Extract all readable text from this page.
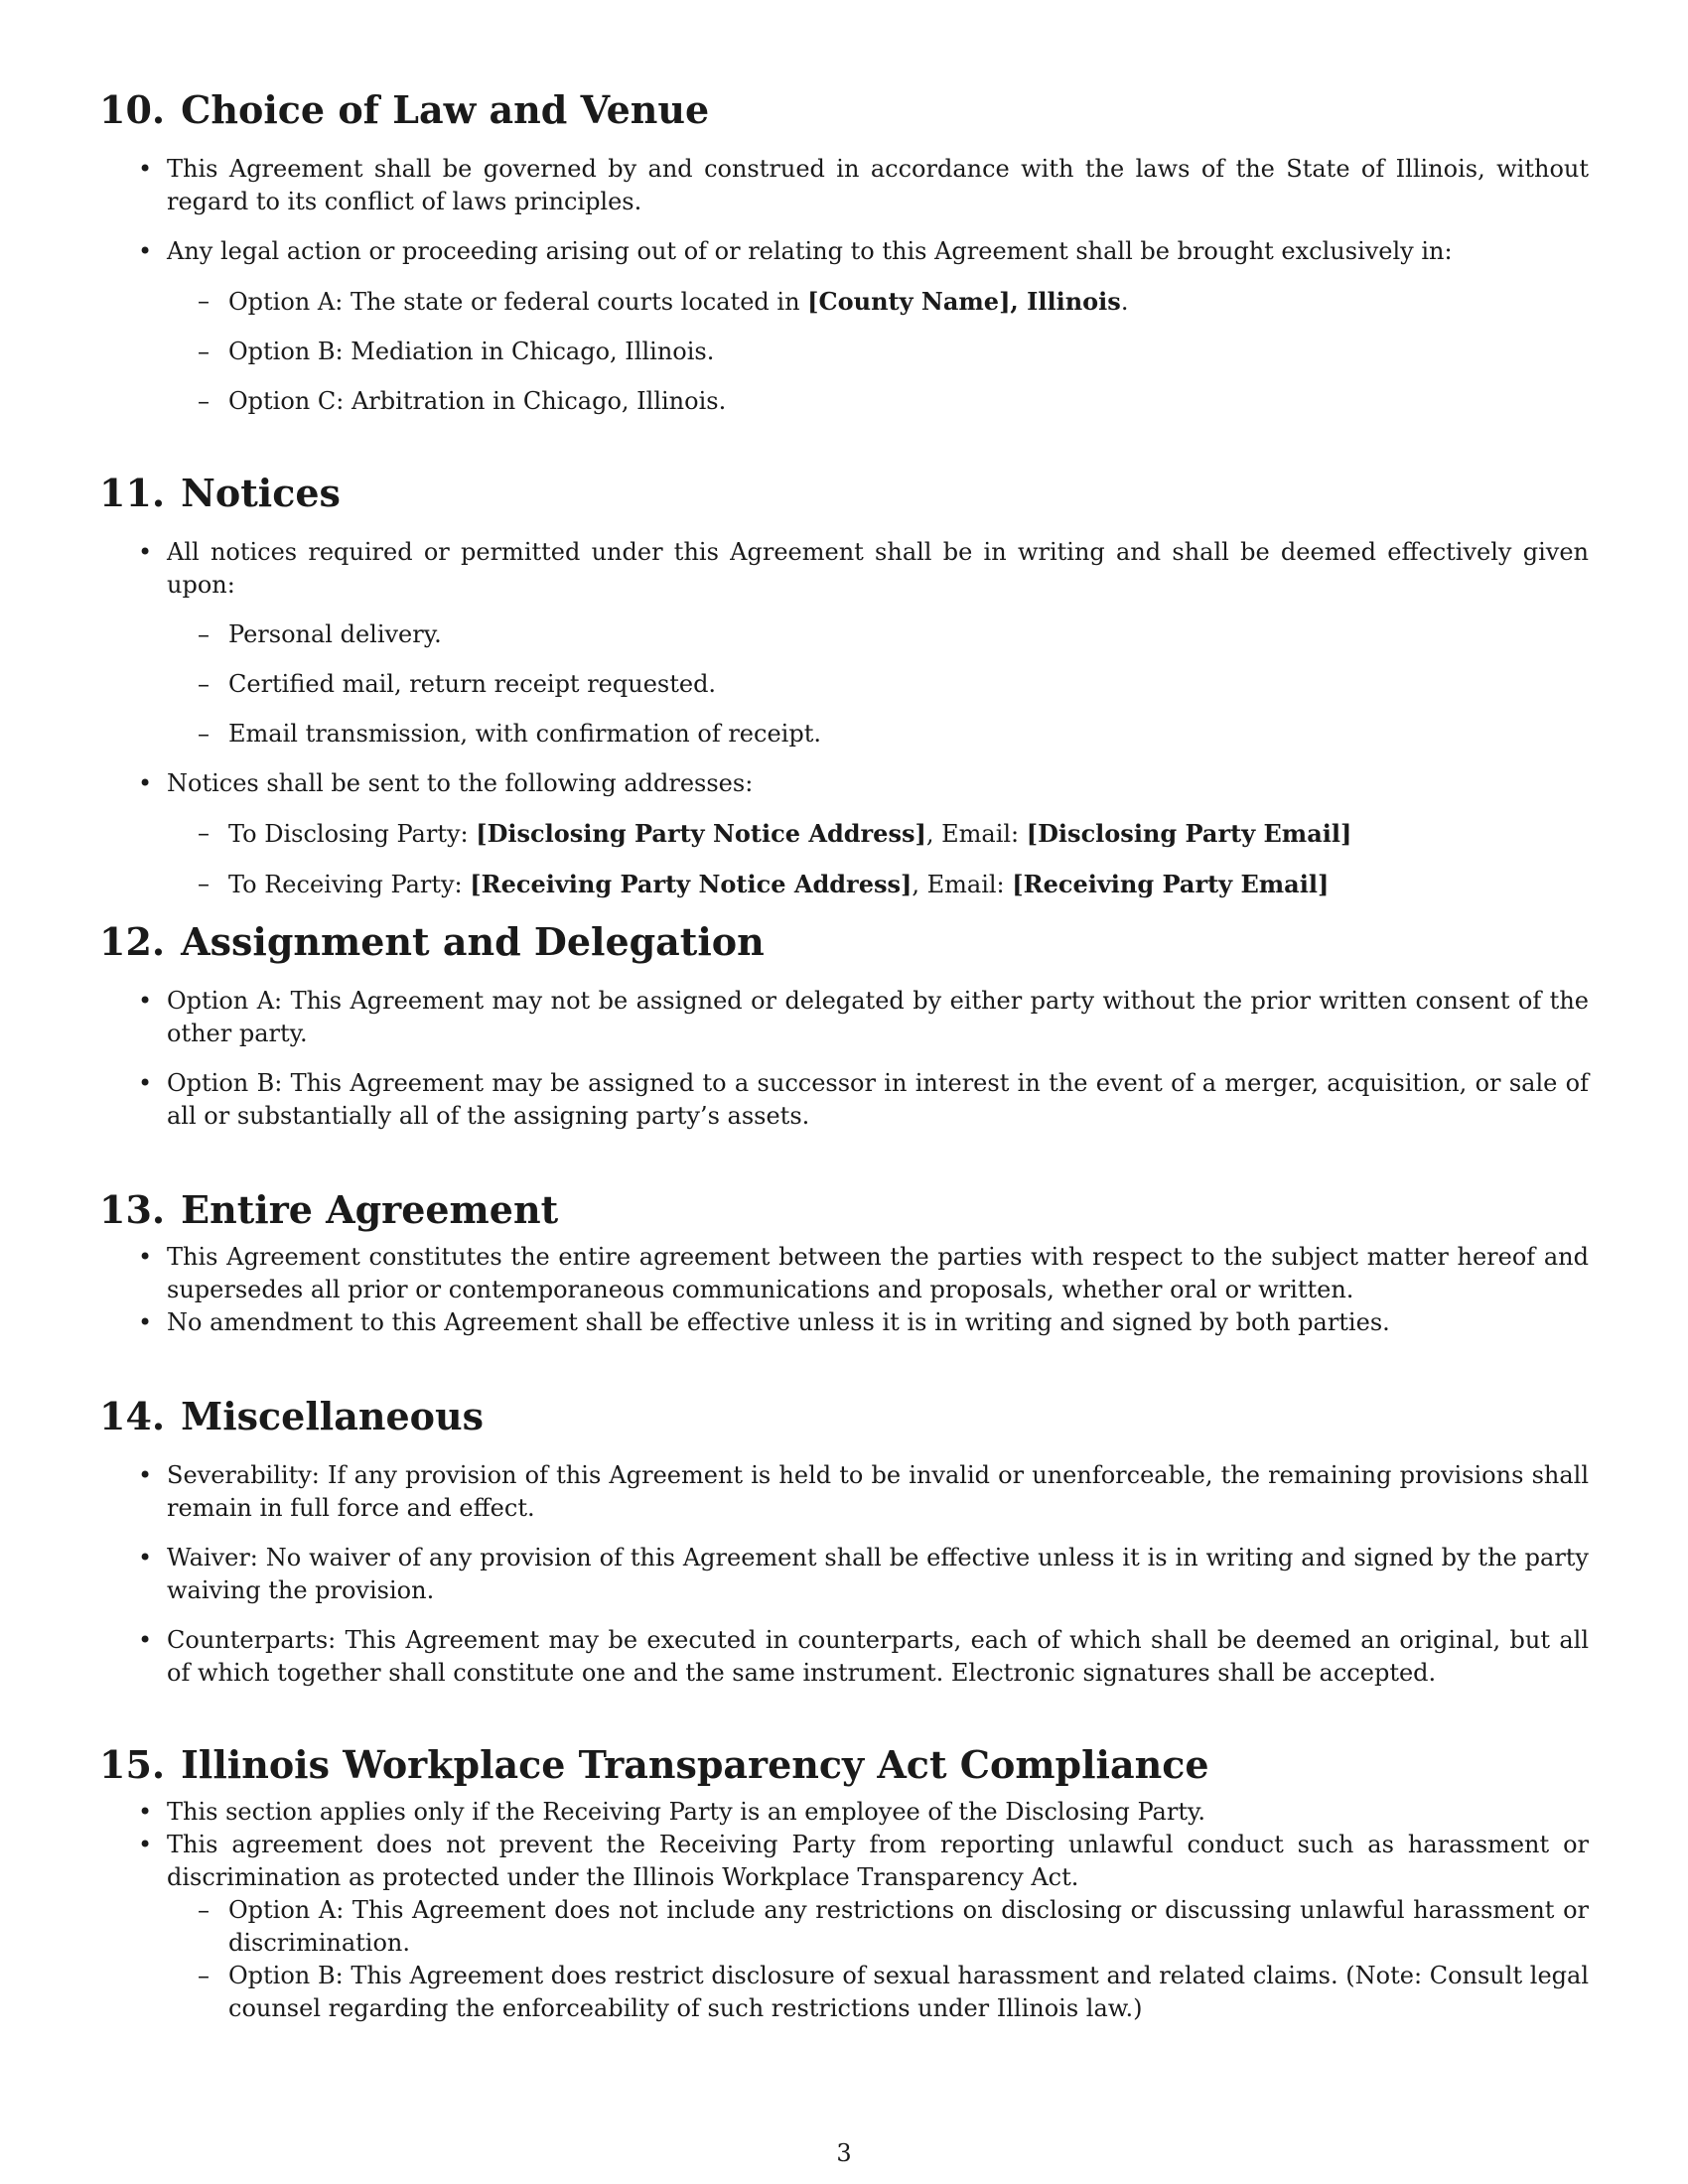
10. Choice of Law and Venue
• This Agreement shall be governed by and construed in accordance with the laws of the State of Illinois, without regard to its conflict of laws principles.
• Any legal action or proceeding arising out of or relating to this Agreement shall be brought exclusively in:
– Option A: The state or federal courts located in [County Name], Illinois.
– Option B: Mediation in Chicago, Illinois.
– Option C: Arbitration in Chicago, Illinois.
11. Notices
• All notices required or permitted under this Agreement shall be in writing and shall be deemed effectively given upon:
– Personal delivery.
– Certified mail, return receipt requested.
– Email transmission, with confirmation of receipt.
• Notices shall be sent to the following addresses:
– To Disclosing Party: [Disclosing Party Notice Address], Email: [Disclosing Party Email]
– To Receiving Party: [Receiving Party Notice Address], Email: [Receiving Party Email]
12. Assignment and Delegation
• Option A: This Agreement may not be assigned or delegated by either party without the prior written consent of the other party.
• Option B: This Agreement may be assigned to a successor in interest in the event of a merger, acquisition, or sale of all or substantially all of the assigning party’s assets.
13. Entire Agreement
• This Agreement constitutes the entire agreement between the parties with respect to the subject matter hereof and supersedes all prior or contemporaneous communications and proposals, whether oral or written.
• No amendment to this Agreement shall be effective unless it is in writing and signed by both parties.
14. Miscellaneous
• Severability: If any provision of this Agreement is held to be invalid or unenforceable, the remaining provisions shall remain in full force and effect.
• Waiver: No waiver of any provision of this Agreement shall be effective unless it is in writing and signed by the party waiving the provision.
• Counterparts: This Agreement may be executed in counterparts, each of which shall be deemed an original, but all of which together shall constitute one and the same instrument. Electronic signatures shall be accepted.
15. Illinois Workplace Transparency Act Compliance
• This section applies only if the Receiving Party is an employee of the Disclosing Party.
• This agreement does not prevent the Receiving Party from reporting unlawful conduct such as harassment or discrimination as protected under the Illinois Workplace Transparency Act.
– Option A: This Agreement does not include any restrictions on disclosing or discussing unlawful harassment or discrimination.
– Option B: This Agreement does restrict disclosure of sexual harassment and related claims. (Note: Consult legal counsel regarding the enforceability of such restrictions under Illinois law.)
3
